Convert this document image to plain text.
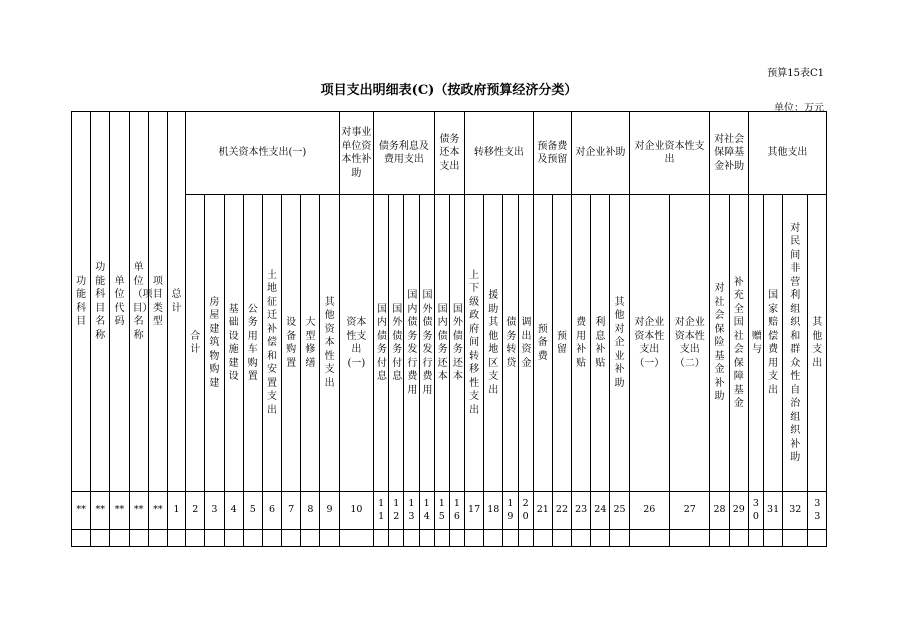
预算15表C1
项目支出明细表(C)（按政府预算经济分类）
单位：万元
功能科目	功能科目名称	单位代码	单位（项目）名称	项目类型	总计	机关资本性支出(一)								对事业单位资本性补助	债务利息及费用支出				债务还本支出		转移性支出				预备费及预留		对企业补助			对企业资本性支出		对社会保障基金补助		其他支出			
						合计	房屋建筑物购建	基础设施建设	公务用车购置	土地征迁补偿和安置支出	设备购置	大型修缮	其他资本性支出	资本性支出(一)	国内债务付息	国外债务付息	国内债务发行费用	国外债务发行费用	国内债务还本	国外债务还本	上下级政府间转移性支出	援助其他地区支出	债务转贷	调出资金	预备费	预留	费用补贴	利息补贴	其他对企业补助	对企业资本性支出（一）	对企业资本性支出（二）	对社会保险基金补助	补充全国社会保障基金	赠与	国家赔偿费用支出	对民间非营利组织和群众性自治组织补助	其他支出
**	**	**	**	**	1	2	3	4	5	6	7	8	9	10	11	12	13	14	15	16	17	18	19	20	21	22	23	24	25	26	27	28	29	30	31	32	33
